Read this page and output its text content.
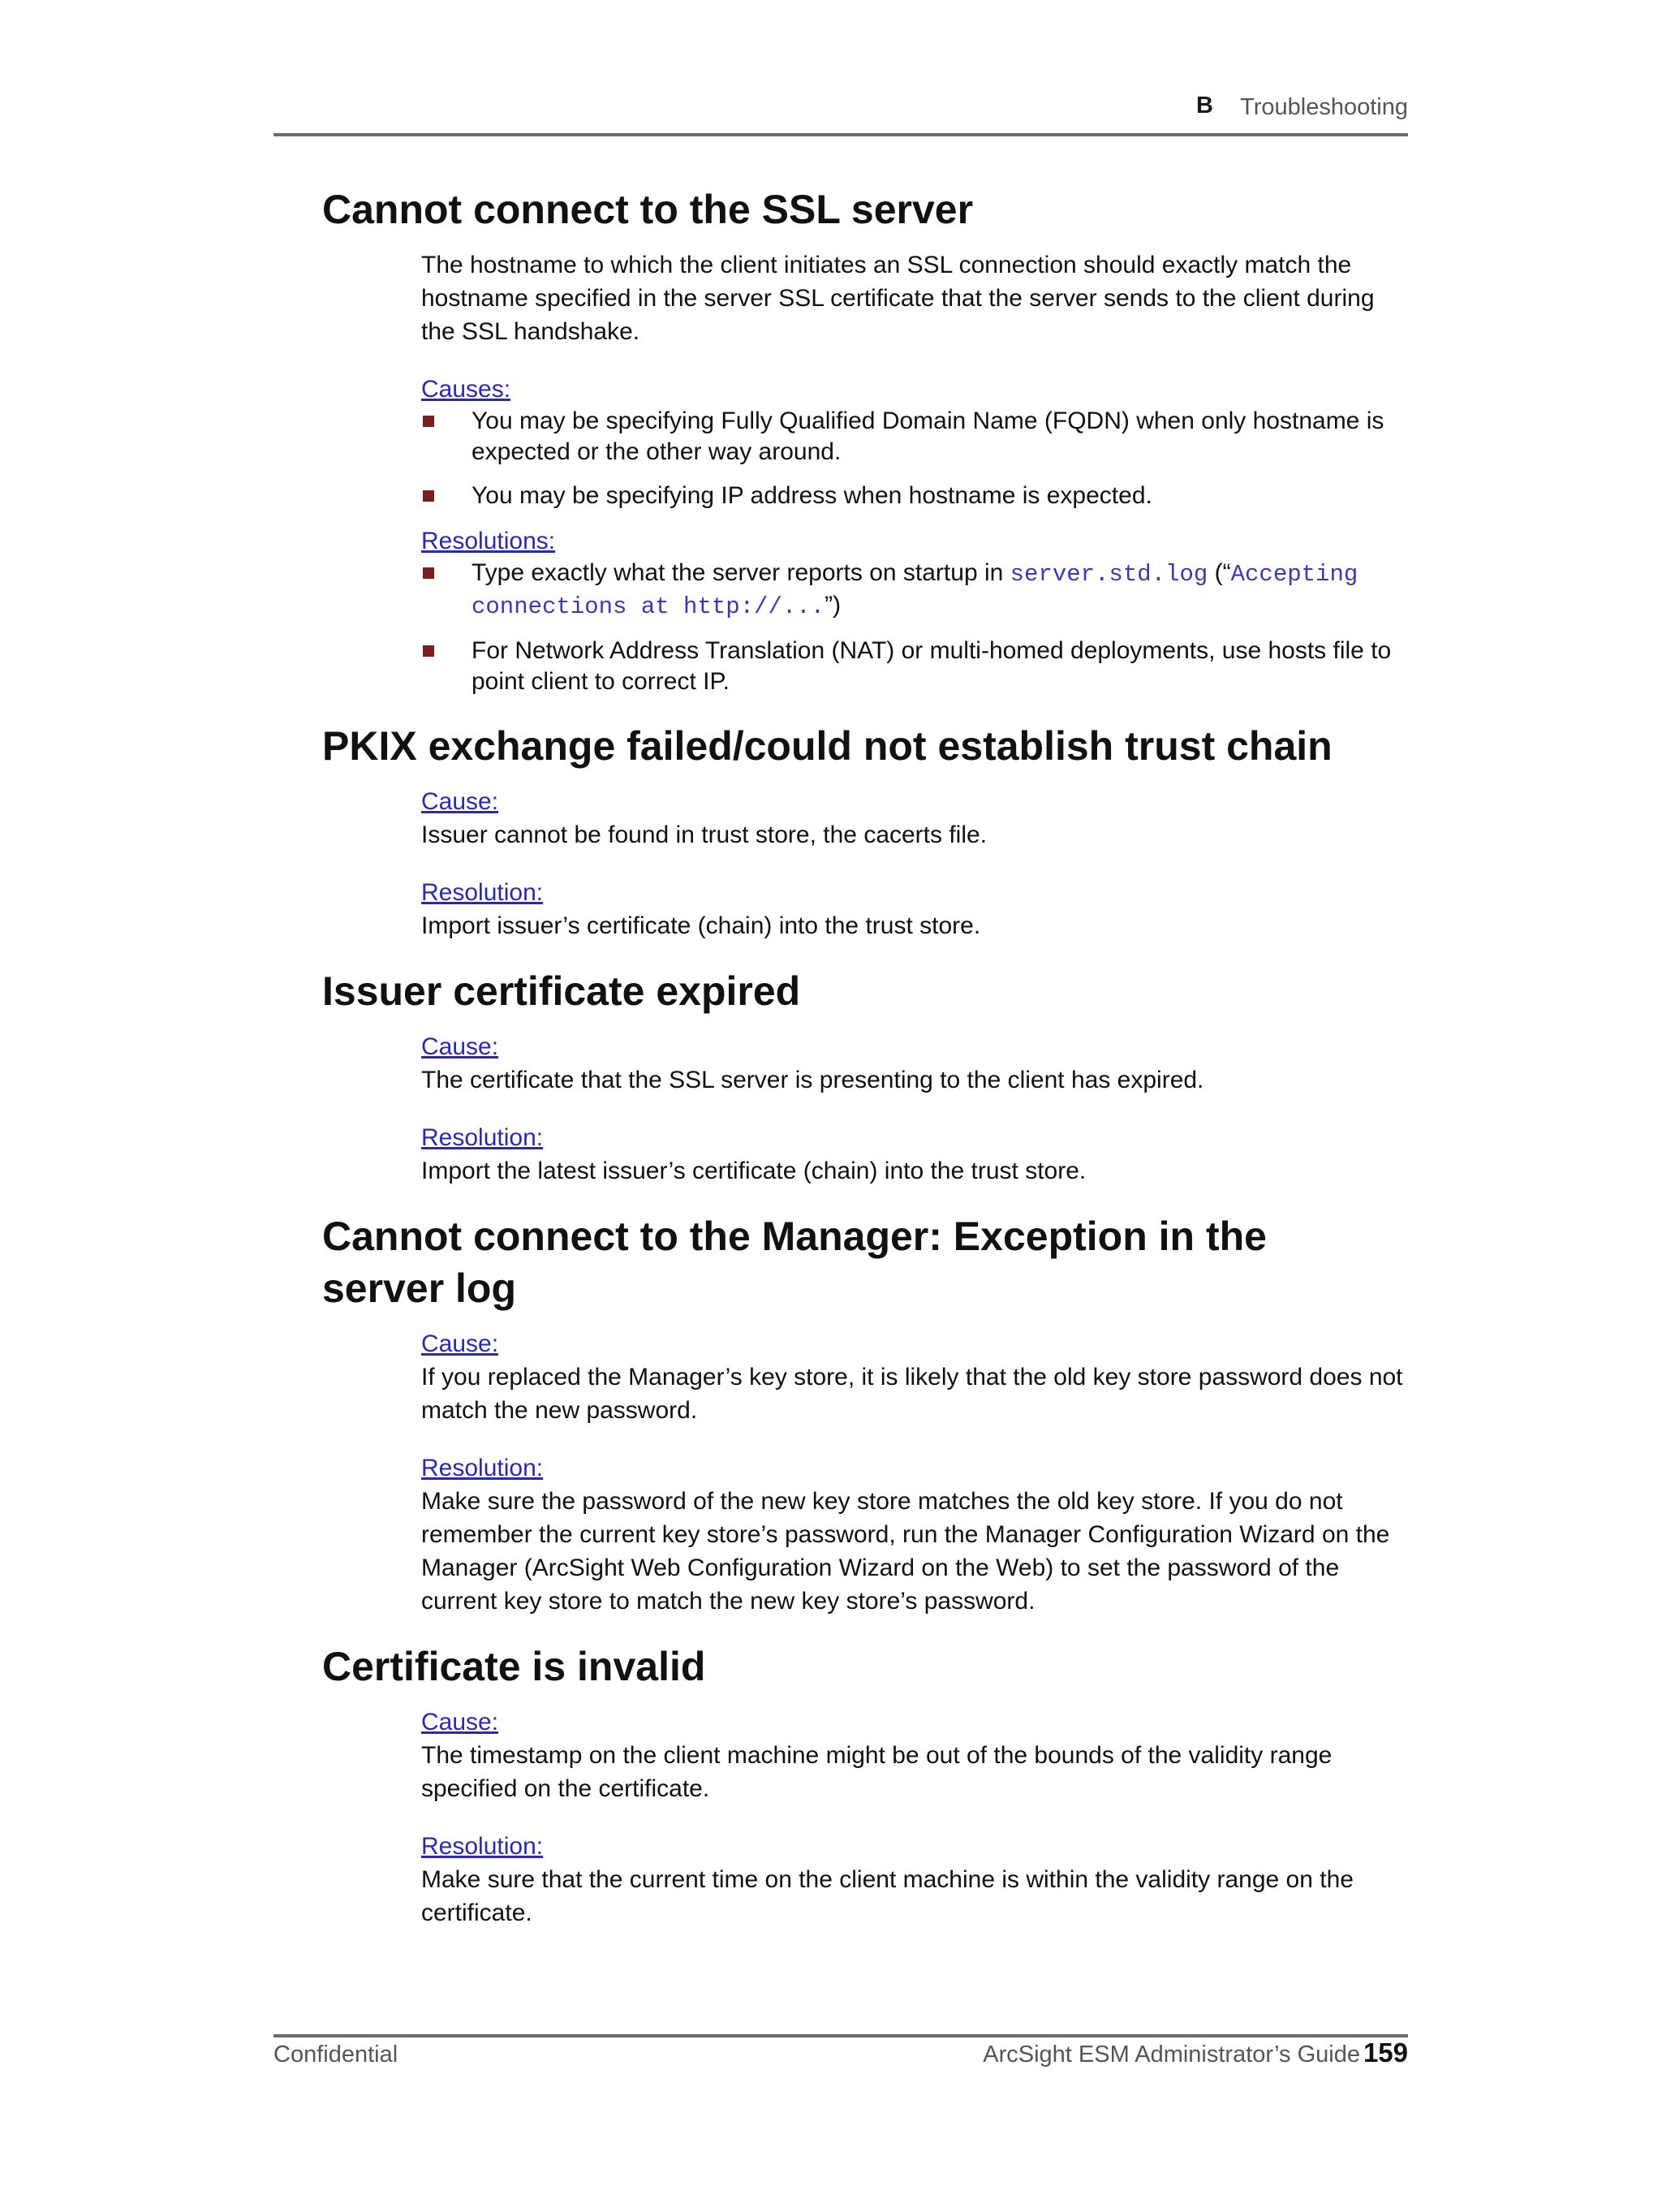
B Troubleshooting
Cannot connect to the SSL server

The hostname to which the client initiates an SSL connection should exactly match the hostname specified in the server SSL certificate that the server sends to the client during the SSL handshake.

Causes:
You may be specifying Fully Qualified Domain Name (FQDN) when only hostname is expected or the other way around.
You may be specifying IP address when hostname is expected.
Resolutions:
Type exactly what the server reports on startup in server.std.log (“Accepting connections at http://...”)
For Network Address Translation (NAT) or multi-homed deployments, use hosts file to point client to correct IP.
PKIX exchange failed/could not establish trust chain
Cause:

Issuer cannot be found in trust store, the cacerts file.

Resolution:

Import issuer’s certificate (chain) into the trust store.

Issuer certificate expired
Cause:

The certificate that the SSL server is presenting to the client has expired.

Resolution:

Import the latest issuer’s certificate (chain) into the trust store.

Cannot connect to the Manager: Exception in the server log
Cause:

If you replaced the Manager’s key store, it is likely that the old key store password does not match the new password.

Resolution:

Make sure the password of the new key store matches the old key store. If you do not remember the current key store’s password, run the Manager Configuration Wizard on the Manager (ArcSight Web Configuration Wizard on the Web) to set the password of the current key store to match the new key store’s password.

Certificate is invalid
Cause:

The timestamp on the client machine might be out of the bounds of the validity range specified on the certificate.

Resolution:

Make sure that the current time on the client machine is within the validity range on the certificate.

Confidential	ArcSight ESM Administrator’s Guide 159
